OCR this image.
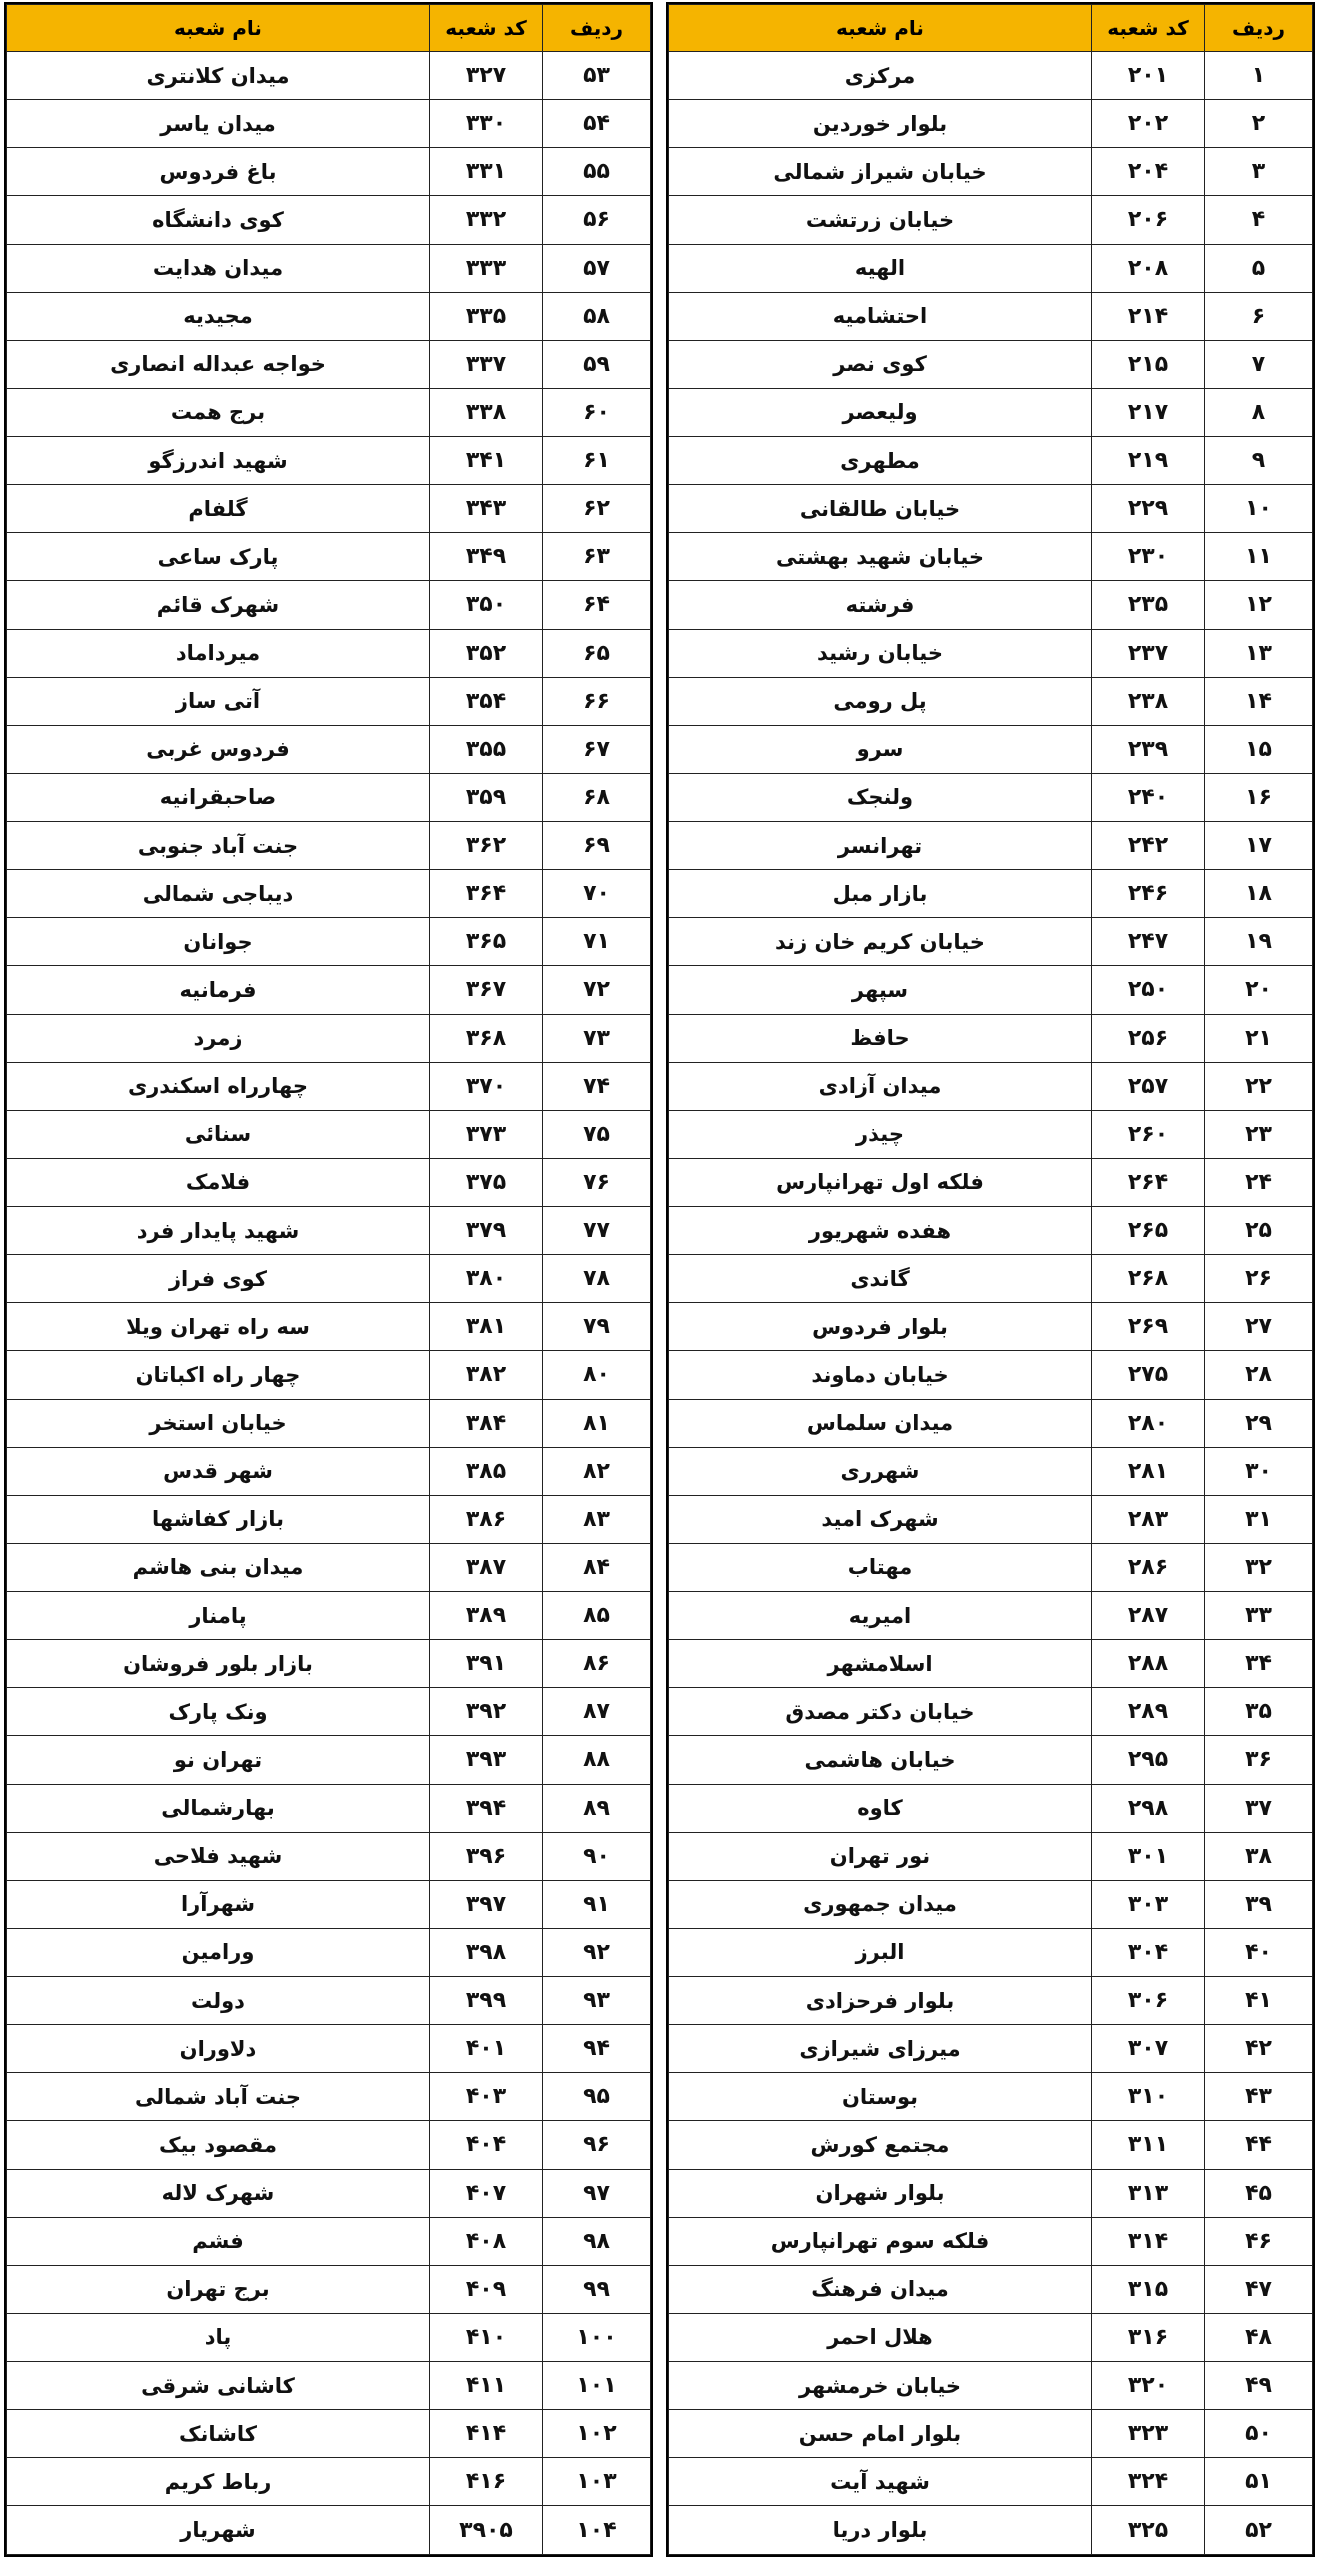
ردیف	کد شعبه	نام شعبه
۱	۲۰۱	مرکزی
۲	۲۰۲	بلوار خوردین
۳	۲۰۴	خیابان شیراز شمالی
۴	۲۰۶	خیابان زرتشت
۵	۲۰۸	الهیه
۶	۲۱۴	احتشامیه
۷	۲۱۵	کوی نصر
۸	۲۱۷	ولیعصر
۹	۲۱۹	مطهری
۱۰	۲۲۹	خیابان طالقانی
۱۱	۲۳۰	خیابان شهید بهشتی
۱۲	۲۳۵	فرشته
۱۳	۲۳۷	خیابان رشید
۱۴	۲۳۸	پل رومی
۱۵	۲۳۹	سرو
۱۶	۲۴۰	ولنجک
۱۷	۲۴۲	تهرانسر
۱۸	۲۴۶	بازار مبل
۱۹	۲۴۷	خیابان کریم خان زند
۲۰	۲۵۰	سپهر
۲۱	۲۵۶	حافظ
۲۲	۲۵۷	میدان آزادی
۲۳	۲۶۰	چیذر
۲۴	۲۶۴	فلکه اول تهرانپارس
۲۵	۲۶۵	هفده شهریور
۲۶	۲۶۸	گاندی
۲۷	۲۶۹	بلوار فردوس
۲۸	۲۷۵	خیابان دماوند
۲۹	۲۸۰	میدان سلماس
۳۰	۲۸۱	شهرری
۳۱	۲۸۳	شهرک امید
۳۲	۲۸۶	مهتاب
۳۳	۲۸۷	امیریه
۳۴	۲۸۸	اسلامشهر
۳۵	۲۸۹	خیابان دکتر مصدق
۳۶	۲۹۵	خیابان هاشمی
۳۷	۲۹۸	کاوه
۳۸	۳۰۱	نور تهران
۳۹	۳۰۳	میدان جمهوری
۴۰	۳۰۴	البرز
۴۱	۳۰۶	بلوار فرحزادی
۴۲	۳۰۷	میرزای شیرازی
۴۳	۳۱۰	بوستان
۴۴	۳۱۱	مجتمع کورش
۴۵	۳۱۳	بلوار شهران
۴۶	۳۱۴	فلکه سوم تهرانپارس
۴۷	۳۱۵	میدان فرهنگ
۴۸	۳۱۶	هلال احمر
۴۹	۳۲۰	خیابان خرمشهر
۵۰	۳۲۳	بلوار امام حسن
۵۱	۳۲۴	شهید آیت
۵۲	۳۲۵	بلوار دریا
ردیف	کد شعبه	نام شعبه
۵۳	۳۲۷	میدان کلانتری
۵۴	۳۳۰	میدان یاسر
۵۵	۳۳۱	باغ فردوس
۵۶	۳۳۲	کوی دانشگاه
۵۷	۳۳۳	میدان هدایت
۵۸	۳۳۵	مجیدیه
۵۹	۳۳۷	خواجه عبداله انصاری
۶۰	۳۳۸	برج همت
۶۱	۳۴۱	شهید اندرزگو
۶۲	۳۴۳	گلفام
۶۳	۳۴۹	پارک ساعی
۶۴	۳۵۰	شهرک قائم
۶۵	۳۵۲	میرداماد
۶۶	۳۵۴	آتی ساز
۶۷	۳۵۵	فردوس غربی
۶۸	۳۵۹	صاحبقرانیه
۶۹	۳۶۲	جنت آباد جنوبی
۷۰	۳۶۴	دیباجی شمالی
۷۱	۳۶۵	جوانان
۷۲	۳۶۷	فرمانیه
۷۳	۳۶۸	زمرد
۷۴	۳۷۰	چهارراه اسکندری
۷۵	۳۷۳	سنائی
۷۶	۳۷۵	فلامک
۷۷	۳۷۹	شهید پایدار فرد
۷۸	۳۸۰	کوی فراز
۷۹	۳۸۱	سه راه تهران ویلا
۸۰	۳۸۲	چهار راه اکباتان
۸۱	۳۸۴	خیابان استخر
۸۲	۳۸۵	شهر قدس
۸۳	۳۸۶	بازار کفاشها
۸۴	۳۸۷	میدان بنی هاشم
۸۵	۳۸۹	پامنار
۸۶	۳۹۱	بازار بلور فروشان
۸۷	۳۹۲	ونک پارک
۸۸	۳۹۳	تهران نو
۸۹	۳۹۴	بهارشمالی
۹۰	۳۹۶	شهید فلاحی
۹۱	۳۹۷	شهرآرا
۹۲	۳۹۸	ورامین
۹۳	۳۹۹	دولت
۹۴	۴۰۱	دلاوران
۹۵	۴۰۳	جنت آباد شمالی
۹۶	۴۰۴	مقصود بیک
۹۷	۴۰۷	شهرک لاله
۹۸	۴۰۸	فشم
۹۹	۴۰۹	برج تهران
۱۰۰	۴۱۰	پاد
۱۰۱	۴۱۱	کاشانی شرقی
۱۰۲	۴۱۴	کاشانک
۱۰۳	۴۱۶	رباط کریم
۱۰۴	۳۹۰۵	شهریار
